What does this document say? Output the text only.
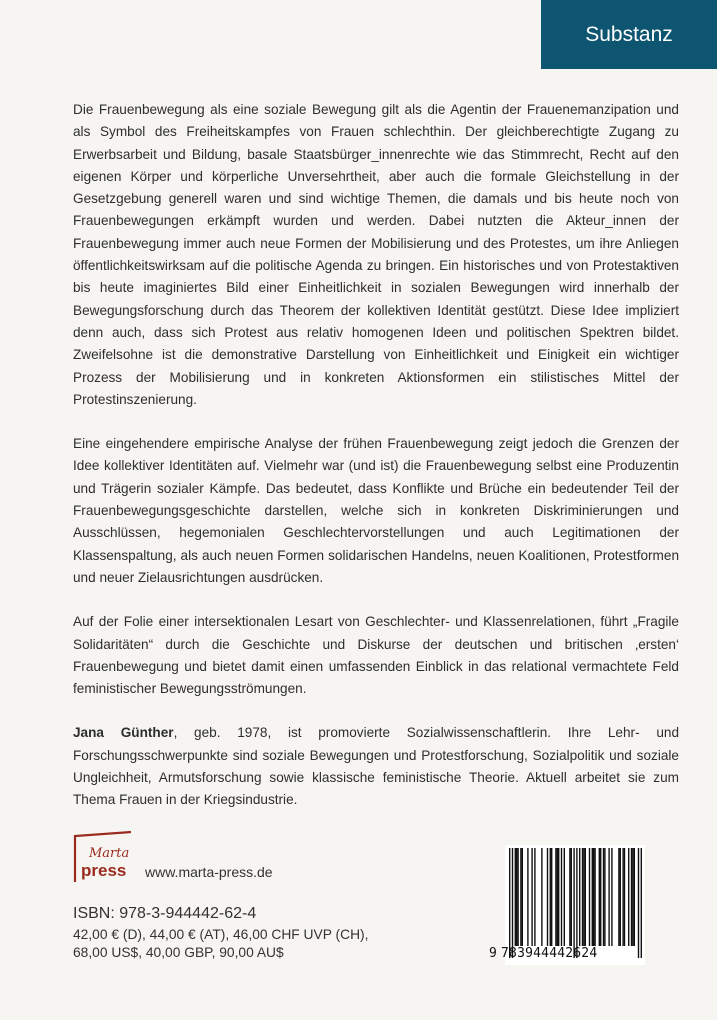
Substanz

Die Frauenbewegung als eine soziale Bewegung gilt als die Agentin der Frauenemanzipation und als Symbol des Freiheitskampfes von Frauen schlechthin. Der gleichberechtigte Zugang zu Erwerbsarbeit und Bildung, basale Staatsbürger_innenrechte wie das Stimmrecht, Recht auf den eigenen Körper und körperliche Unversehrtheit, aber auch die formale Gleichstellung in der Gesetzgebung generell waren und sind wichtige Themen, die damals und bis heute noch von Frauenbewegungen erkämpft wurden und werden. Dabei nutzten die Akteur_innen der Frauenbewegung immer auch neue Formen der Mobilisierung und des Protestes, um ihre Anliegen öffentlichkeitswirksam auf die politische Agenda zu bringen. Ein historisches und von Protestaktiven bis heute imaginiertes Bild einer Einheitlichkeit in sozialen Bewegungen wird innerhalb der Bewegungsforschung durch das Theorem der kollektiven Identität gestützt. Diese Idee impliziert denn auch, dass sich Protest aus relativ homogenen Ideen und politischen Spektren bildet. Zweifelsohne ist die demonstrative Darstellung von Einheitlichkeit und Einigkeit ein wichtiger Prozess der Mobilisierung und in konkreten Aktionsformen ein stilistisches Mittel der Protestinszenierung.

Eine eingehendere empirische Analyse der frühen Frauenbewegung zeigt jedoch die Grenzen der Idee kollektiver Identitäten auf. Vielmehr war (und ist) die Frauenbewegung selbst eine Produzentin und Trägerin sozialer Kämpfe. Das bedeutet, dass Konflikte und Brüche ein bedeutender Teil der Frauenbewegungsgeschichte darstellen, welche sich in konkreten Diskriminierungen und Ausschlüssen, hegemonialen Geschlechtervorstellungen und auch Legitimationen der Klassenspaltung, als auch neuen Formen solidarischen Handelns, neuen Koalitionen, Protestformen und neuer Zielausrichtungen ausdrücken.

Auf der Folie einer intersektionalen Lesart von Geschlechter- und Klassenrelationen, führt „Fragile Solidaritäten“ durch die Geschichte und Diskurse der deutschen und britischen ‚ersten‘ Frauenbewegung und bietet damit einen umfassenden Einblick in das relational vermachtete Feld feministischer Bewegungsströmungen.

Jana Günther, geb. 1978, ist promovierte Sozialwissenschaftlerin. Ihre Lehr- und Forschungsschwerpunkte sind soziale Bewegungen und Protestforschung, Sozialpolitik und soziale Ungleichheit, Armutsforschung sowie klassische feministische Theorie. Aktuell arbeitet sie zum Thema Frauen in der Kriegsindustrie.

Marta
press www.marta-press.de
ISBN: 978-3-944442-62-4
42,00 € (D), 44,00 € (AT), 46,00 CHF UVP (CH),
68,00 US$, 40,00 GBP, 90,00 AU$	9 783944442624
